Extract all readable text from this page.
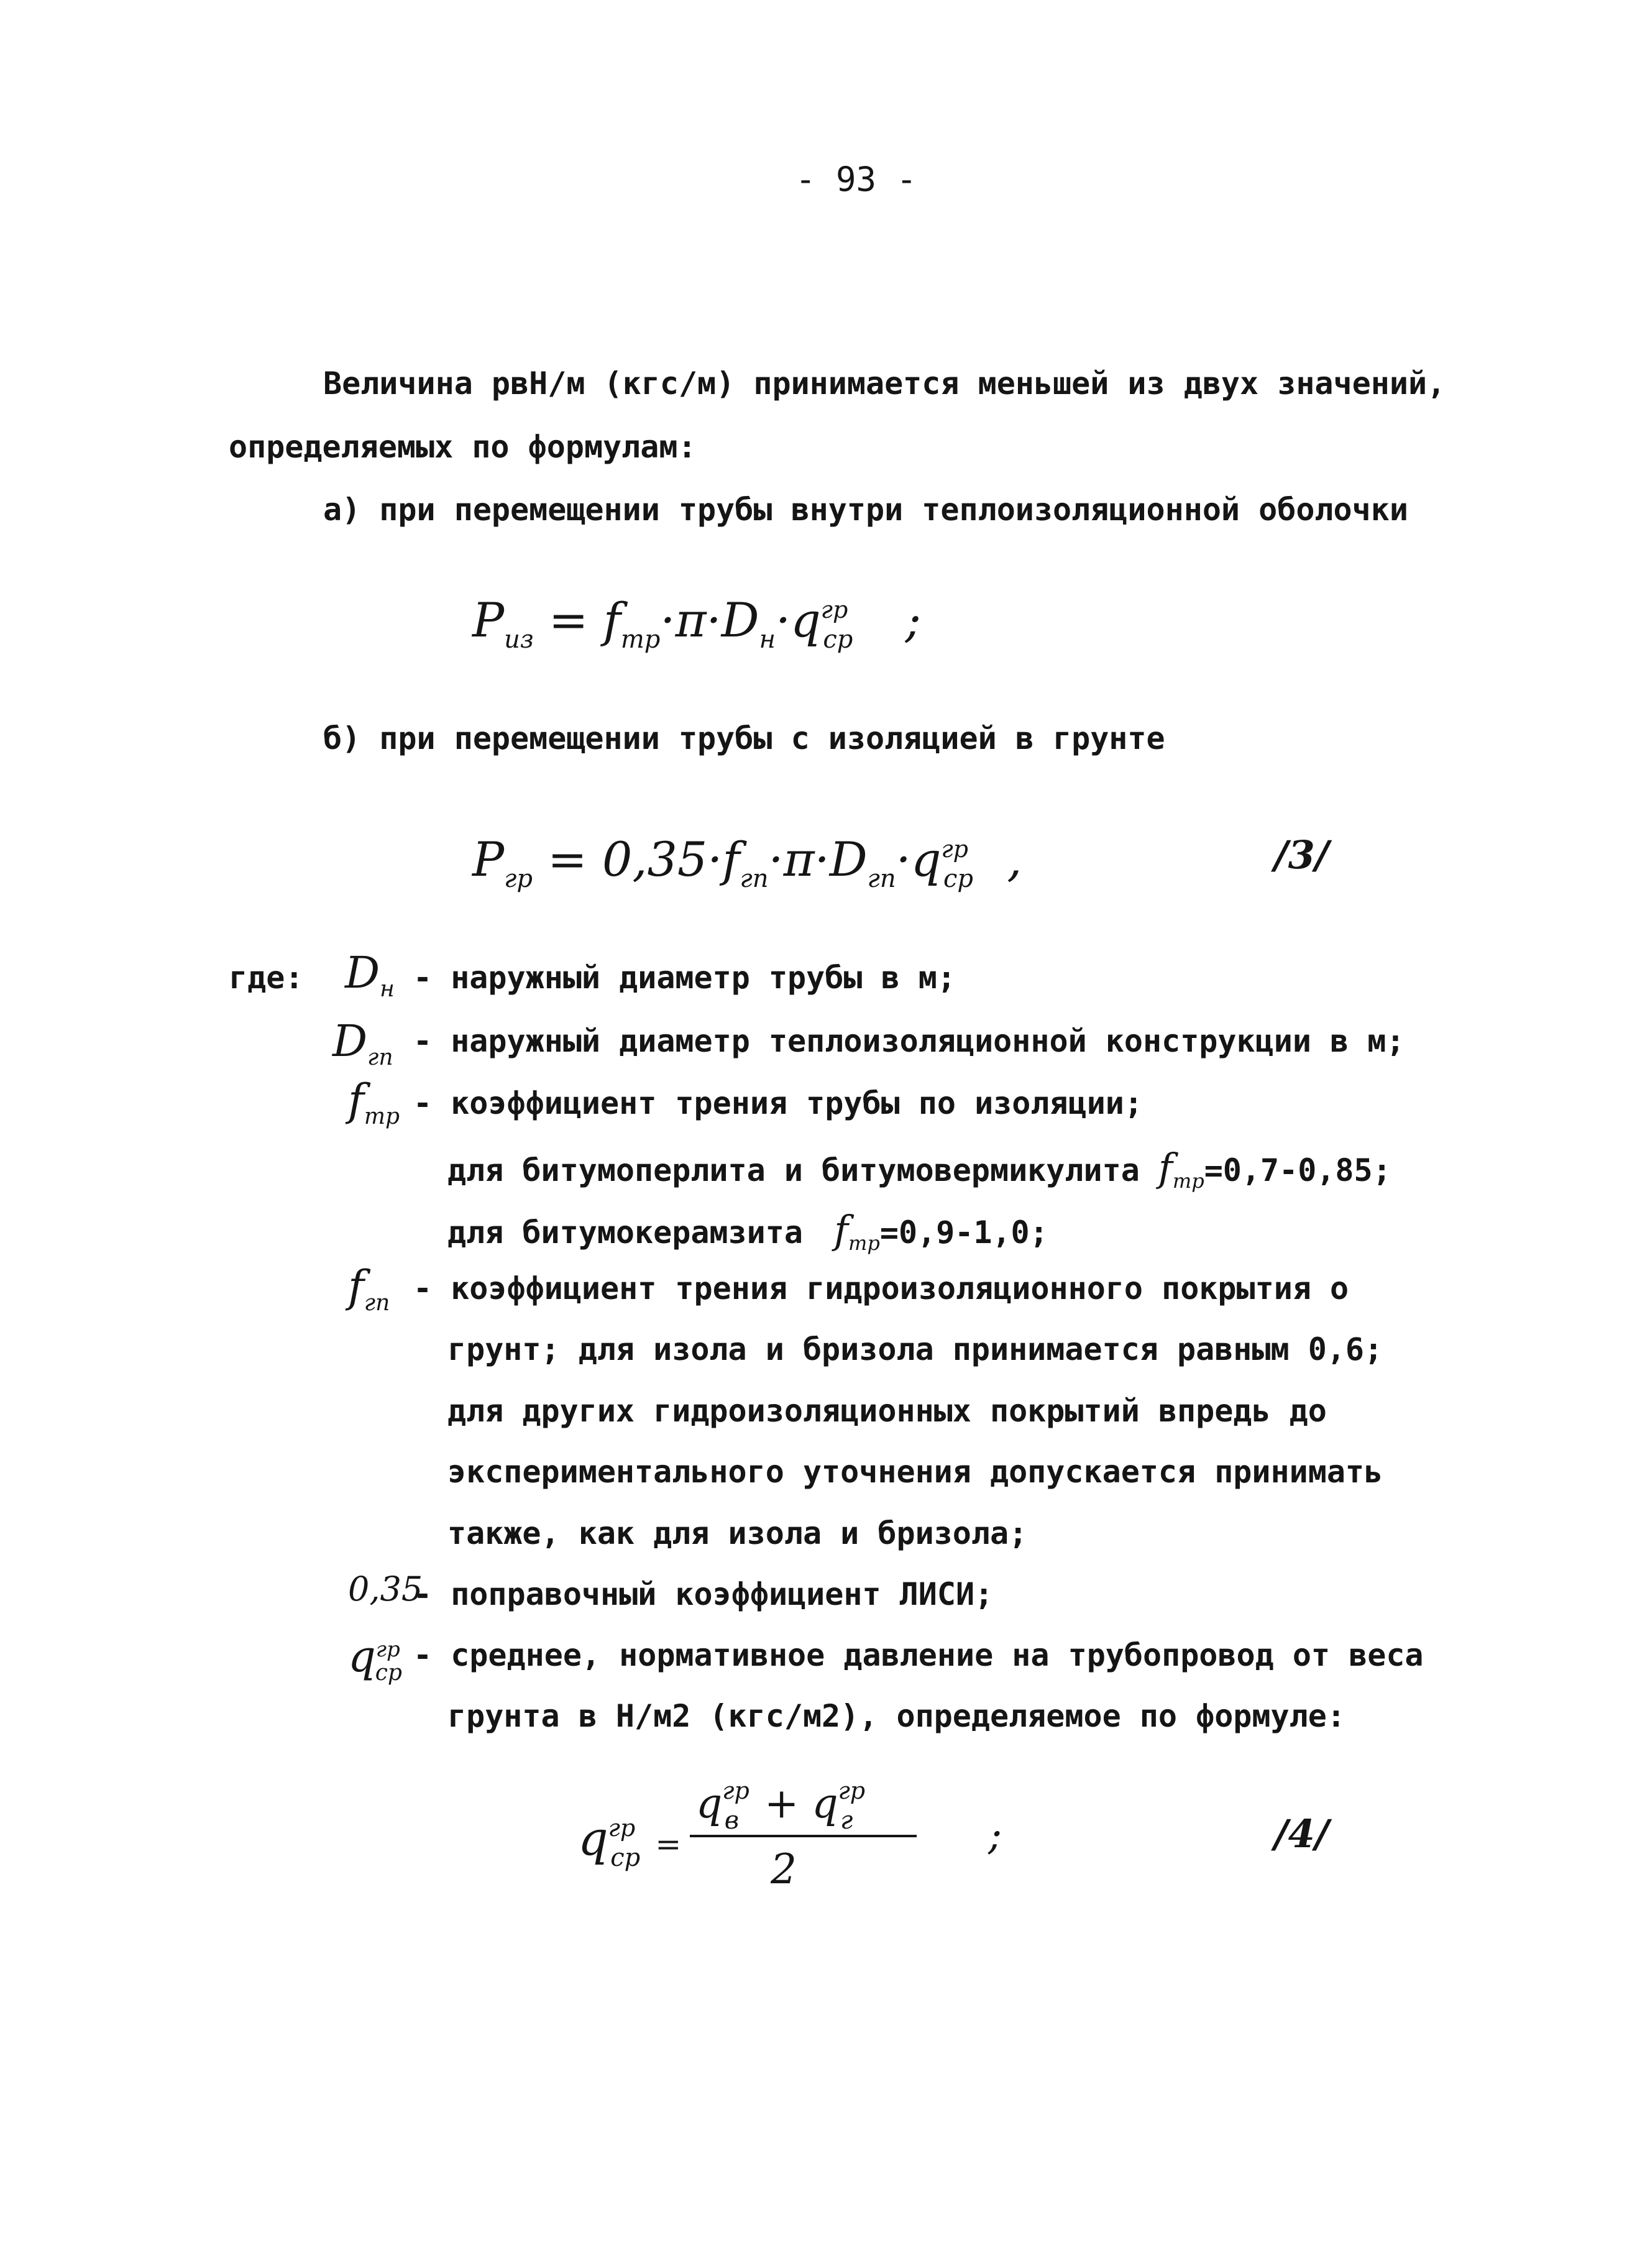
- 93 -
Величина рвН/м (кгс/м) принимается меньшей из двух значений,
определяемых по формулам:
а) при перемещении трубы внутри теплоизоляционной оболочки
$P_{из} = f_{тр}\cdot\pi\cdot D_н\cdot q^{гр}_{ср}$ ;
б) при перемещении трубы с изоляцией в грунте
$P_{гр} = 0,35\cdot f_{гп}\cdot\pi\cdot D_{гп}\cdot q^{гр}_{ср}$ ,	/3/
где: $D_н$ - наружный диаметр трубы в м;
$D_{гп}$ - наружный диаметр теплоизоляционной конструкции в м;
$f_{тр}$ - коэффициент трения трубы по изоляции;
для битумоперлита и битумовермикулита $f_{тр}=0,7-0,85$;
для битумокерамзита $f_{тр}=0,9-1,0$;
$f_{гп}$ - коэффициент трения гидроизоляционного покрытия о
грунт; для изола и бризола принимается равным 0,6;
для других гидроизоляционных покрытий впредь до
экспериментального уточнения допускается принимать
также, как для изола и бризола;
0,35
- поправочный коэффициент ЛИСИ;
$q^{гр}_{ср}$ - среднее, нормативное давление на трубопровод от веса
грунта в Н/м2 (кгс/м2), определяемое по формуле:
$q^{гр}_{ср}$ =
$q^{гр}_в + q^{гр}_г$
2
;	/4/
